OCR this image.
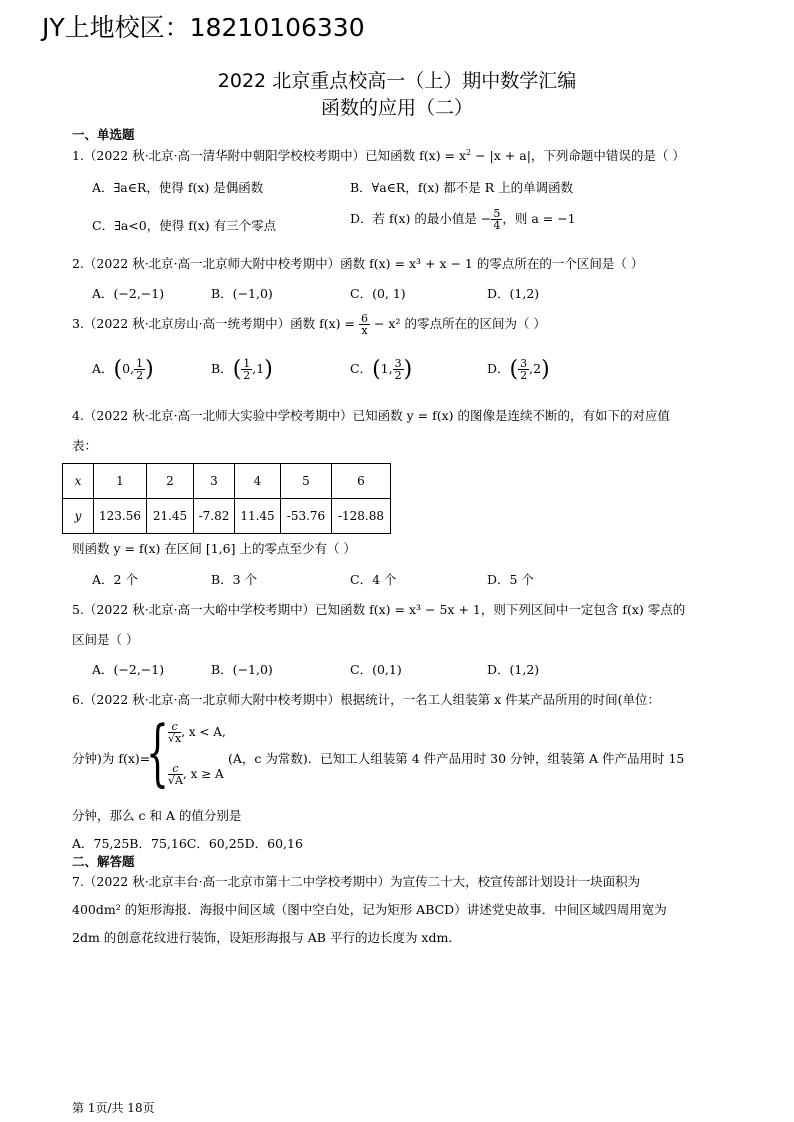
JY上地校区：18210106330
2022 北京重点校高一（上）期中数学汇编
函数的应用（二）
一、单选题
1.（2022 秋·北京·高一清华附中朝阳学校校考期中）已知函数 $f(x) = x^2 - |x + a|$，下列命题中错误的是（ ）
A．∃a∈R，使得 f(x) 是偶函数	B．∀a∈R，f(x) 都不是 R 上的单调函数
C．∃a<0，使得 f(x) 有三个零点	D．若 f(x) 的最小值是 − $\frac{5}{4}$ ，则 a = −1
2.（2022 秋·北京·高一北京师大附中校考期中）函数 f(x) = x³ + x − 1 的零点所在的一个区间是（ ）
A．(−2,−1)	B．(−1,0)	C．(0, 1)	D．(1,2)
3.（2022 秋·北京房山·高一统考期中）函数 $f(x) = \frac{6}{x} - x^2$ 的零点所在的区间为（ ）
A．(0, $\frac{1}{2}$ )	B．( $\frac{1}{2} ,1$)	C．(1, $\frac{3}{2}$ )	D．( $\frac{3}{2} ,2$)
4.（2022 秋·北京·高一北师大实验中学校考期中）已知函数 y = f(x) 的图像是连续不断的，有如下的对应值
表：
x	1	2	3	4	5	6
y	123.56	21.45	-7.82	11.45	-53.76	-128.88
则函数 y = f(x) 在区间 [1,6] 上的零点至少有（ ）
A．2 个	B．3 个	C．4 个	D．5 个
5.（2022 秋·北京·高一大峪中学校考期中）已知函数 f(x) = x³ − 5x + 1，则下列区间中一定包含 f(x) 零点的
区间是（ ）
A．(−2,−1)	B．(−1,0)	C．(0,1)	D．(1,2)
6.（2022 秋·北京·高一北京师大附中校考期中）根据统计，一名工人组装第 x 件某产品所用的时间(单位：
分钟)为 f(x)=
{ $\frac{c}{√x}$ , x < A,
$\frac{c}{√A}$ , x ≥ A
(A，c 为常数)．已知工人组装第 4 件产品用时 30 分钟，组装第 A 件产品用时 15
分钟，那么 c 和 A 的值分别是
A．75,25B．75,16C．60,25D．60,16
二、解答题
7.（2022 秋·北京丰台·高一北京市第十二中学校考期中）为宣传二十大，校宣传部计划设计一块面积为
400dm² 的矩形海报．海报中间区域（图中空白处，记为矩形 ABCD）讲述党史故事．中间区域四周用宽为
2dm 的创意花纹进行装饰，设矩形海报与 AB 平行的边长度为 xdm．
第 1页/共 18页
